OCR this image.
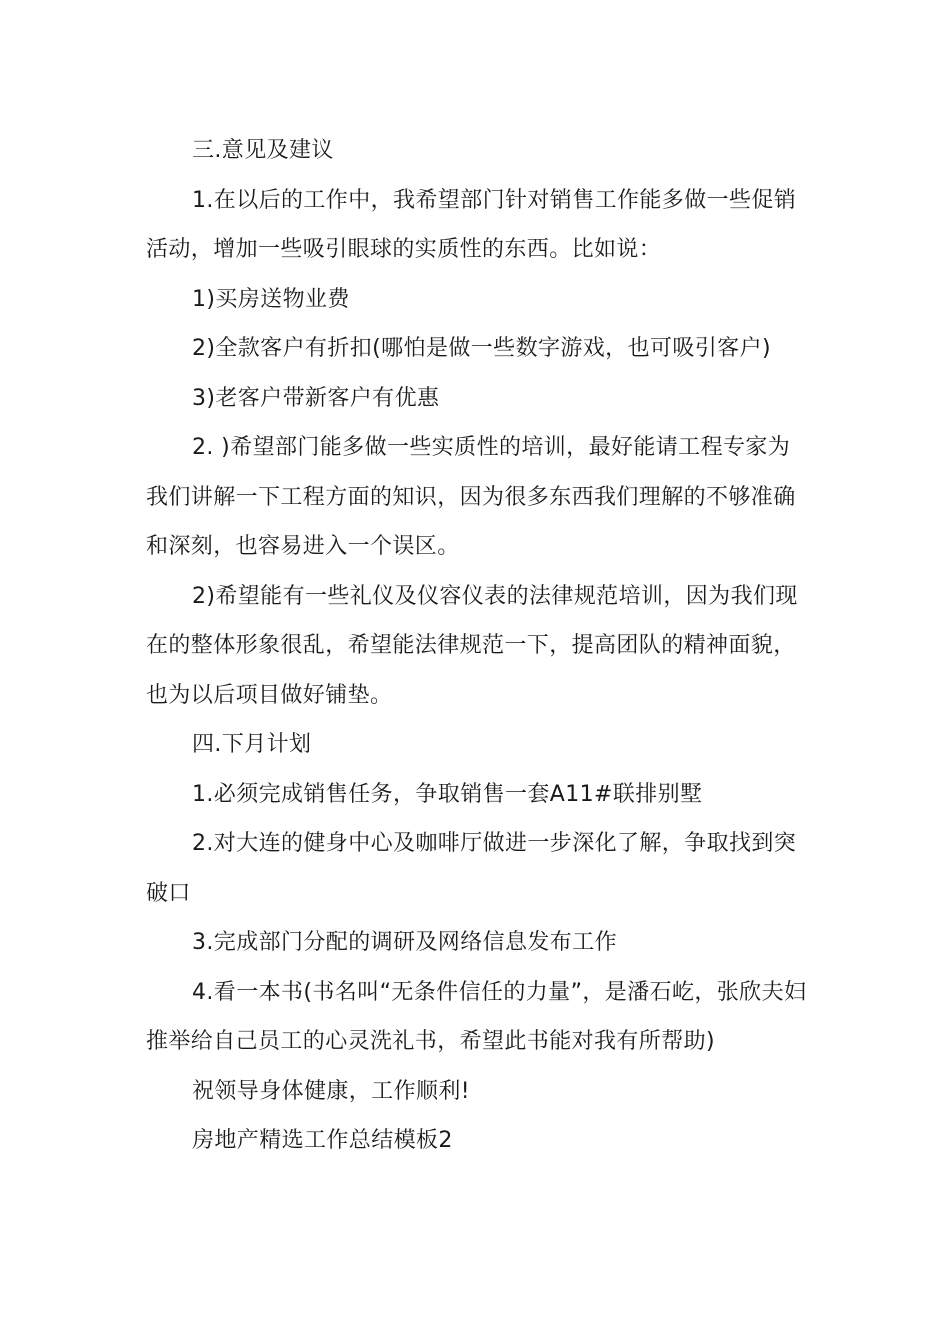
三.意见及建议

1.在以后的工作中，我希望部门针对销售工作能多做一些促销活动，增加一些吸引眼球的实质性的东西。比如说：

1)买房送物业费

2)全款客户有折扣(哪怕是做一些数字游戏，也可吸引客户)

3)老客户带新客户有优惠

2. )希望部门能多做一些实质性的培训，最好能请工程专家为我们讲解一下工程方面的知识，因为很多东西我们理解的不够准确和深刻，也容易进入一个误区。

2)希望能有一些礼仪及仪容仪表的法律规范培训，因为我们现在的整体形象很乱，希望能法律规范一下，提高团队的精神面貌，也为以后项目做好铺垫。

四.下月计划

1.必须完成销售任务，争取销售一套A11#联排别墅

2.对大连的健身中心及咖啡厅做进一步深化了解，争取找到突破口

3.完成部门分配的调研及网络信息发布工作

4.看一本书(书名叫“无条件信任的力量”，是潘石屹，张欣夫妇推举给自己员工的心灵洗礼书，希望此书能对我有所帮助)

祝领导身体健康，工作顺利!

房地产精选工作总结模板2
